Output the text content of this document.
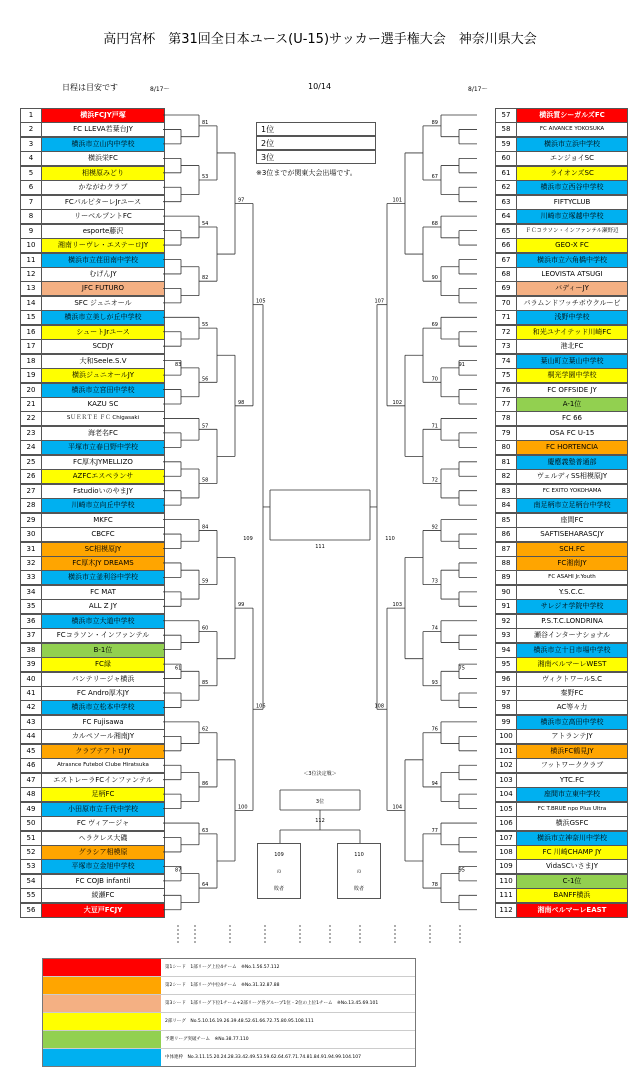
高円宮杯　第31回全日本ユース(U-15)サッカー選手権大会　神奈川県大会
日程は目安です	8/17～	10/14	8/17～
1	横浜FCJY戸塚
2	FC LLEVA若葉台JY
3	横浜市立山内中学校
4	横浜栄FC
5	相模原みどり
6	かながわクラブ
7	FCパルピターレJrユース
8	リーベルプントFC
9	esporte藤沢
10	湘南リーヴレ・エステーロJY
11	横浜市立荏田南中学校
12	むげんJY
13	JFC FUTURO
14	SFC ジュニオール
15	横浜市立美しが丘中学校
16	シュートJrユース
17	SCDJY
18	大和Seele.S.V
19	横浜ジュニオールJY
20	横浜市立宮田中学校
21	KAZU SC
22	SＵＥＲＴＥ ＦＣ Chigasaki
23	海老名FC
24	平塚市立春日野中学校
25	FC厚木JYMELLIZO
26	AZFCエスペランサ
27	FstudioいのやまJY
28	川崎市立向丘中学校
29	MKFC
30	CBCFC
31	SC相模原JY
32	FC厚木JY DREAMS
33	横浜市立釜利谷中学校
34	FC MAT
35	ALL Z JY
36	横浜市立大道中学校
37	FCコラソン・インファンテル
38	B-1位
39	FC緑
40	パンテリージャ横浜
41	FC Andro厚木JY
42	横浜市立松本中学校
43	FC Fujisawa
44	カルペソール湘南JY
45	クラブテアトロJY
46	Atrasnce Futebol Clube Hiratsuka
47	エストレーラFCインファンテル
48	足柄FC
49	小田原市立千代中学校
50	FC ヴィアージャ
51	ヘラクレス大磯
52	グラシア相模原
53	平塚市立金旭中学校
54	FC COJB infantil
55	綾瀬FC
56	大豆戸FCJY
57	横浜質シーガルズFC
58	FC AIVANCE YOKOSUKA
59	横浜市立浜中学校
60	エンジョイSC
61	ライオンズSC
62	横浜市立西谷中学校
63	FIFTYCLUB
64	川崎市立塚越中学校
65	ＦＣコラソン・インファンテル瀬野辺
66	GEO-X FC
67	横浜市立六角橋中学校
68	LEOVISTA ATSUGI
69	バディーJY
70	パラムンドフッチボウクルービ
71	浅野中学校
72	和光ユナイテッド川崎FC
73	港北FC
74	葉山町立葉山中学校
75	桐光学園中学校
76	FC OFFSIDE JY
77	A-1位
78	FC 66
79	OSA FC U-15
80	FC HORTENCIA
81	慶應義塾普通部
82	ヴェルディSS相模原JY
83	FC EXITO YOKOHAMA
84	南足柄市立足柄台中学校
85	座間FC
86	SAFTISEHARASCJY
87	SCH.FC
88	FC湘南JY
89	FC ASAHI Jr.Youth
90	Y.S.C.C.
91	サレジオ学院中学校
92	P.S.T.C.LONDRINA
93	瀬谷インターナショナル
94	横浜市立十日市場中学校
95	湘南ベルマーレWEST
96	ヴィクトワールS.C
97	秦野FC
98	AC等々力
99	横浜市立高田中学校
100	アトランテJY
101	横浜FC鶴見JY
102	フットワーククラブ
103	YTC.FC
104	座間市立東中学校
105	FC T.BRUE npo Plus Ultra
106	横浜GSFC
107	横浜市立神奈川中学校
108	FC 川崎CHAMP JY
109	VidaSCいさまJY
110	C-1位
111	BANFF横浜
112	湘南ベルマーレEAST
81
53
54
82
55
56
83
57
58
84
59
60
85
61
62
86
63
64
87
97
98
99
100
105
106
89
67
68
90
69
70
91
71
72
92
73
74
93
75
76
94
77
78
95
101
102
103
104
107
108
109
111
110
3位
112
1位
2位
3位
※3位までが関東大会出場です。
＜3位決定戦＞
109
の
敗者
110
の
敗者
第1シード　1部リーグ上位4チーム　※No.1.56.57.112
第2シード　1部リーグ中位4チーム　※No.31.32.87.88
第3シード　1部リーグ下位1チーム+2部リーグ各グループ1位・2位の上位1チーム　※No.13.45.69.101
2部リーグ　No.5.10.16.19.26.39.48.52.61.66.72.75.80.95.108.111
予選リーグ突破チーム　※No.38.77.110
中体連枠　No.3.11.15.20.24.28.33.42.49.53.59.62.64.67.71.74.81.84.91.94.99.104.107
